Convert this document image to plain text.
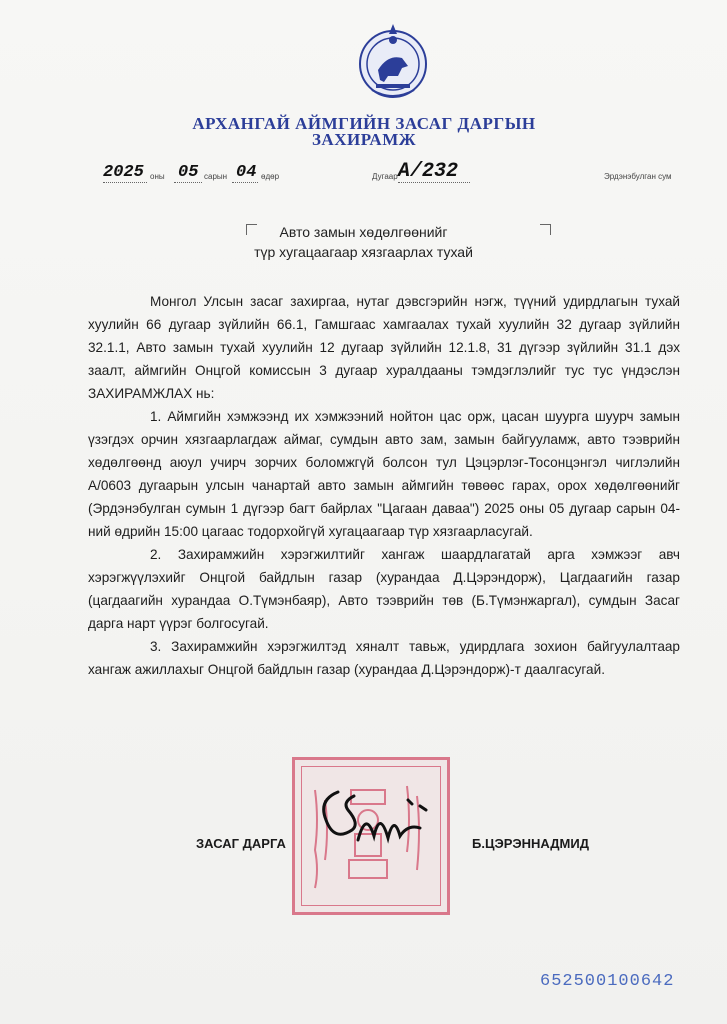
АРХАНГАЙ АЙМГИЙН ЗАСАГ ДАРГЫН
ЗАХИРАМЖ
2025 оны 05 сарын 04 өдөр	Дугаар А/232	Эрдэнэбулган сум
Авто замын хөдөлгөөнийг
түр хугацаагаар хязгаарлах тухай

Монгол Улсын засаг захиргаа, нутаг дэвсгэрийн нэгж, түүний удирдлагын тухай хуулийн 66 дугаар зүйлийн 66.1, Гамшгаас хамгаалах тухай хуулийн 32 дугаар зүйлийн 32.1.1, Авто замын тухай хуулийн 12 дугаар зүйлийн 12.1.8, 31 дүгээр зүйлийн 31.1 дэх заалт, аймгийн Онцгой комиссын 3 дугаар хуралдааны тэмдэглэлийг тус тус үндэслэн ЗАХИРАМЖЛАХ нь:

1. Аймгийн хэмжээнд их хэмжээний нойтон цас орж, цасан шуурга шуурч замын үзэгдэх орчин хязгаарлагдаж аймаг, сумдын авто зам, замын байгууламж, авто тээврийн хөдөлгөөнд аюул учирч зорчих боломжгүй болсон тул Цэцэрлэг-Тосонцэнгэл чиглэлийн А/0603 дугаарын улсын чанартай авто замын аймгийн төвөөс гарах, орох хөдөлгөөнийг (Эрдэнэбулган сумын 1 дүгээр багт байрлах "Цагаан даваа") 2025 оны 05 дугаар сарын 04-ний өдрийн 15:00 цагаас тодорхойгүй хугацаагаар түр хязгаарласугай.

2. Захирамжийн хэрэгжилтийг хангаж шаардлагатай арга хэмжээг авч хэрэгжүүлэхийг Онцгой байдлын газар (хурандаа Д.Цэрэндорж), Цагдаагийн газар (цагдаагийн хурандаа О.Түмэнбаяр), Авто тээврийн төв (Б.Түмэнжаргал), сумдын Засаг дарга нарт үүрэг болгосугай.

3. Захирамжийн хэрэгжилтэд хяналт тавьж, удирдлага зохион байгуулалтаар хангаж ажиллахыг Онцгой байдлын газар (хурандаа Д.Цэрэндорж)-т даалгасугай.

ЗАСАГ ДАРГА	Б.ЦЭРЭННАДМИД
652500100642
